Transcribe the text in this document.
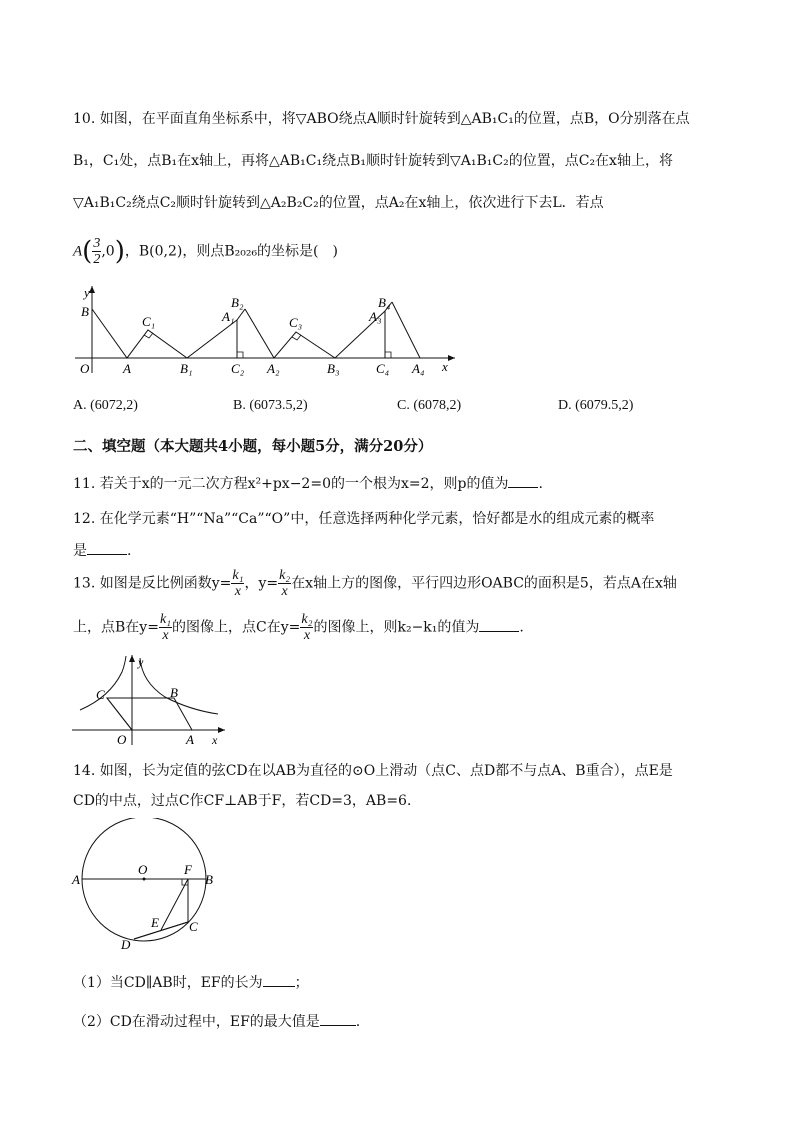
10. 如图，在平面直角坐标系中，将▽ABO绕点A顺时针旋转到△AB₁C₁的位置，点B，O分别落在点
B₁，C₁处，点B₁在x轴上，再将△AB₁C₁绕点B₁顺时针旋转到▽A₁B₁C₂的位置，点C₂在x轴上，将
▽A₁B₁C₂绕点C₂顺时针旋转到△A₂B₂C₂的位置，点A₂在x轴上，依次进行下去L．若点
$A( \frac{3}{2} ,0)$，B(0,2)，则点B₂₀₂₆的坐标是(　)
y
B
O	A
C₁
B₁
A₁
B₂
C₂ A₂
C₃
B₃
A₃
B₄
C₄ A₄ x
A. (6072,2)	B. (6073.5,2)	C. (6078,2)	D. (6079.5,2)
二、填空题（本大题共4小题，每小题5分，满分20分）
11. 若关于x的一元二次方程x²+px−2=0的一个根为x=2，则p的值为 .
12. 在化学元素“H”“Na”“Ca”“O”中，任意选择两种化学元素，恰好都是水的组成元素的概率
是	.
13. 如图是反比例函数$y= \frac{\text{k₁}}{x}$ ，$y= \frac{\text{k₂}}{x}$ 在x轴上方的图像，平行四边形OABC的面积是5，若点A在x轴
上，点B在$y= \frac{\text{k₁}}{x}$ 的图像上，点C在$y= \frac{\text{k₂}}{x}$ 的图像上，则k₂−k₁的值为	.
y
C	B
O	A x
14. 如图，长为定值的弦CD在以AB为直径的⊙O上滑动（点C、点D都不与点A、B重合），点E是
CD的中点，过点C作CF⊥AB于F，若CD=3，AB=6．
A
O	F
B
E C
D
（1）当CD∥AB时，EF的长为 ；
（2）CD在滑动过程中，EF的最大值是	.
